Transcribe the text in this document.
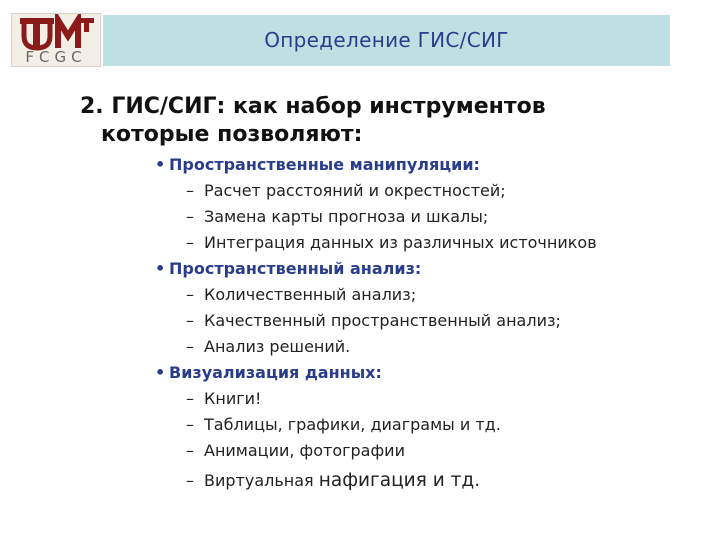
FCGC
Определение ГИС/СИГ
2. ГИС/СИГ: как набор инструментов
которые позволяют:
• Пространственные манипуляции:
– Расчет расстояний и окрестностей;
– Замена карты прогноза и шкалы;
– Интеграция данных из различных источников
• Пространственный анализ:
– Количественный анализ;
– Качественный пространственный анализ;
– Анализ решений.
• Визуализация данных:
– Книги!
– Таблицы, графики, диаграмы и тд.
– Анимации, фотографии
– Виртуальная нафигация и тд.
